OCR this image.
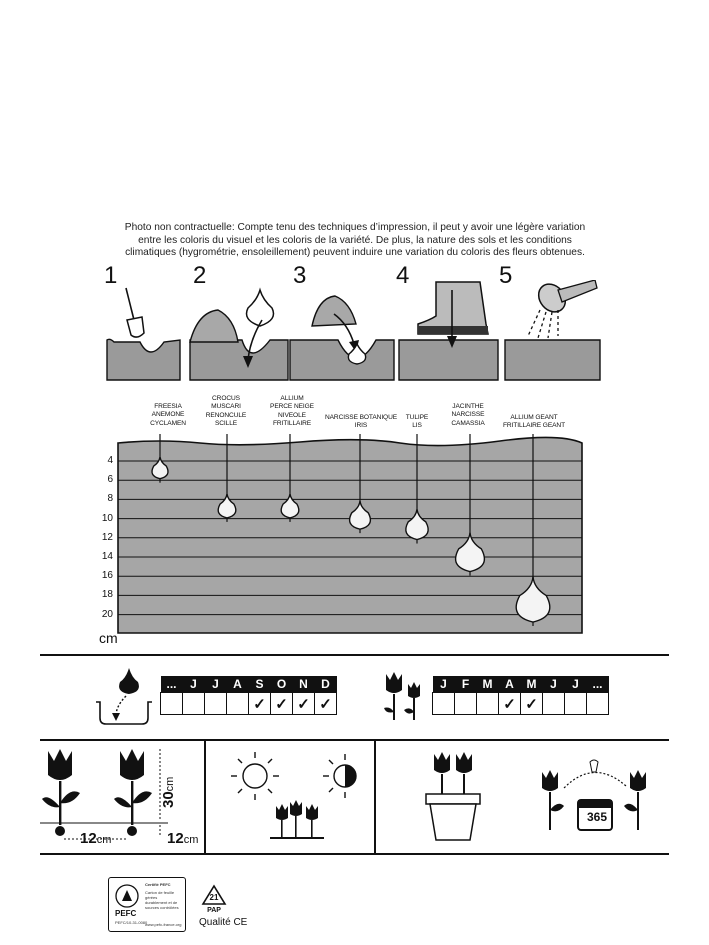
Photo non contractuelle: Compte tenu des techniques d’impression, il peut y avoir une légère variation
entre les coloris du visuel et les coloris de la variété. De plus, la nature des sols et les conditions
climatiques (hygrométrie, ensoleillement) peuvent induire une variation du coloris des fleurs obtenues.
1	2	3	4	5
FREESIA
ANEMONE
CYCLAMEN
CROCUS
MUSCARI
RENONCULE
SCILLE
ALLIUM
PERCE NEIGE
NIVEOLE
FRITILLAIRE
NARCISSE BOTANIQUE
IRIS
TULIPE
LIS
JACINTHE
NARCISSE
CAMASSIA
ALLIUM GEANT
FRITILLAIRE GEANT
4
6
8
10
12
14
16
18
20
cm
...	J	J	A	S	O	N	D
				✓	✓	✓	✓
J	F	M	A	M	J	J	...
			✓	✓			
12cm	12cm
30cm
365
PEFC
PEFC/10-31-0080
Certifié PEFC
Carton de feuille gérées durablement et de sources contrôlées
www.pefc-france.org
21
PAP
Qualité CE
